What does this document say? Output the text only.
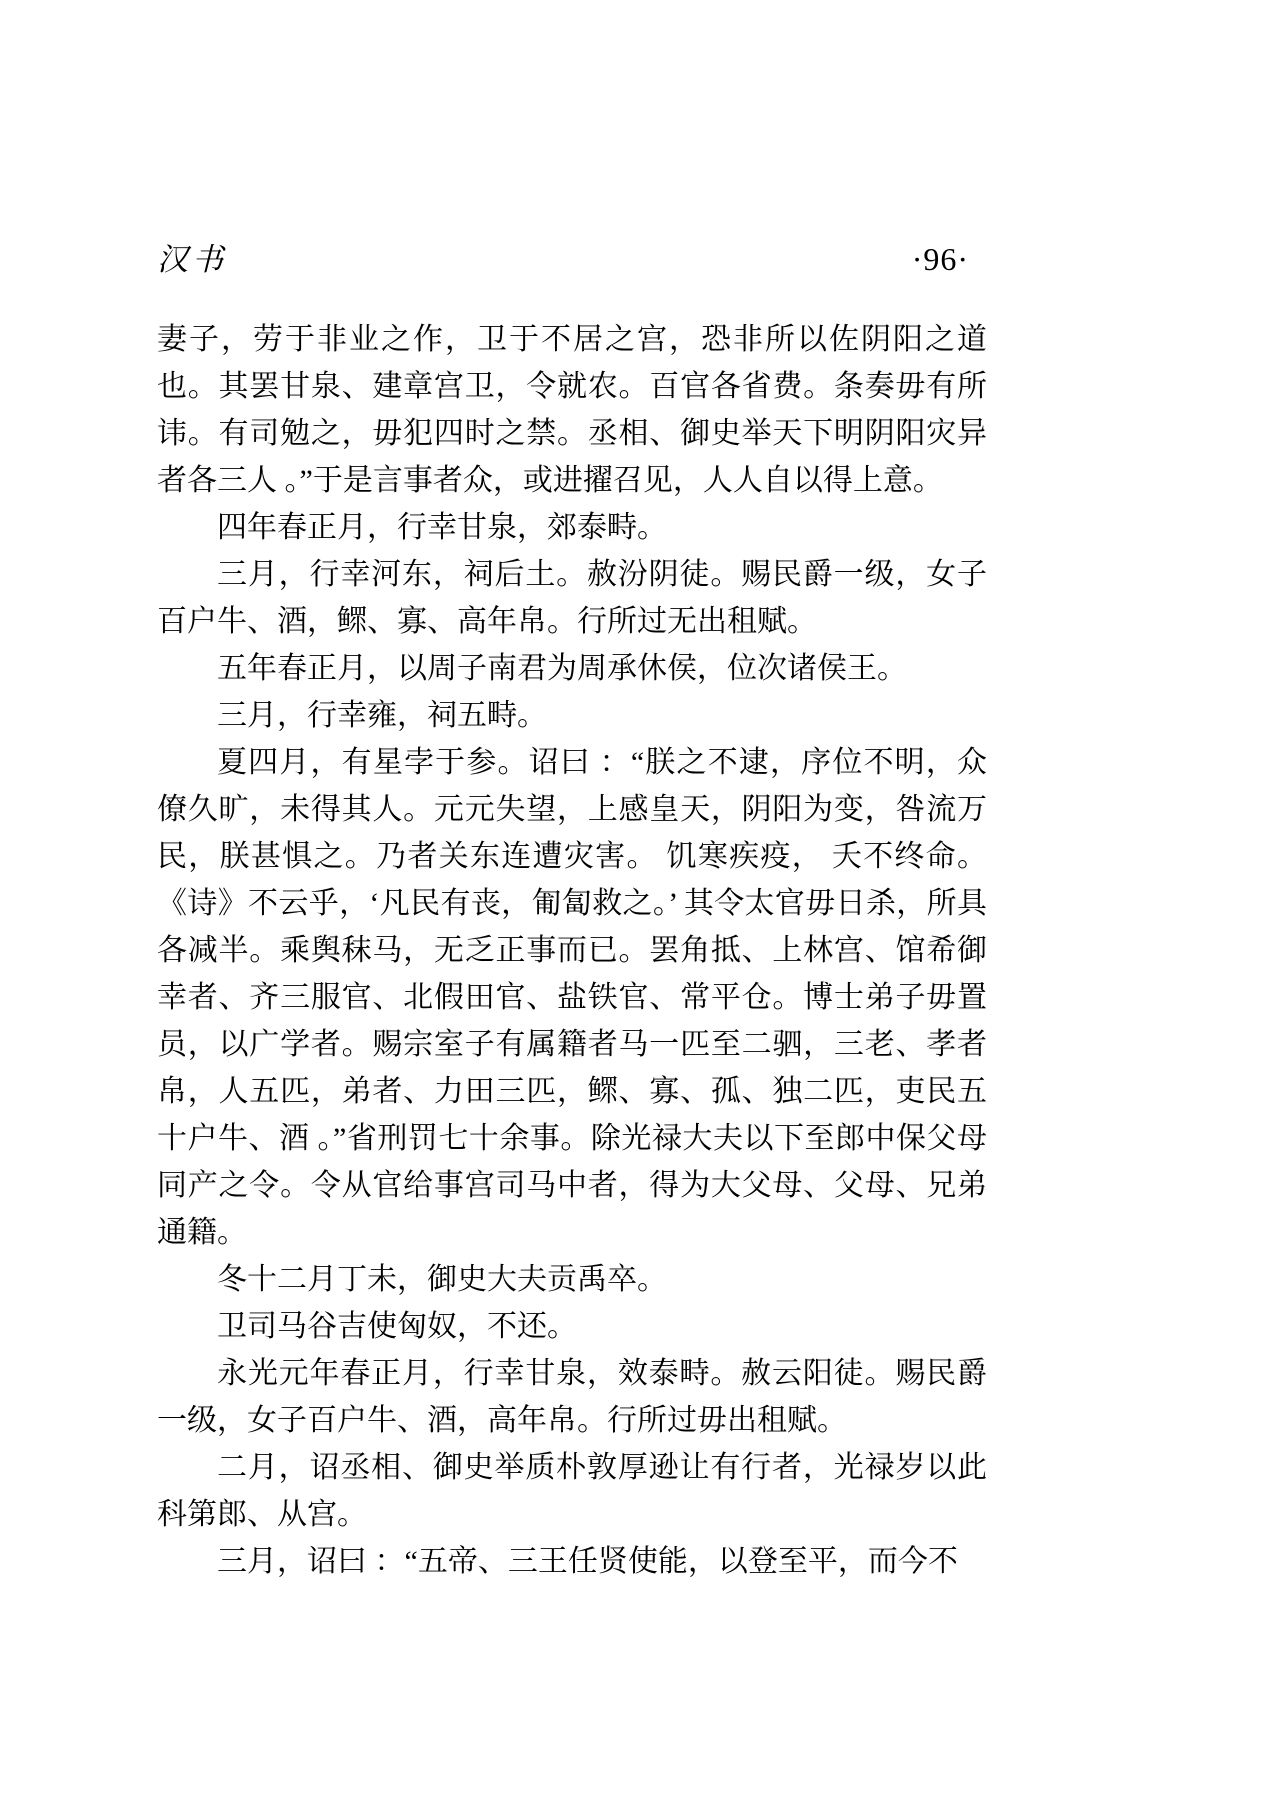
汉书	·96·
妻子，劳于非业之作，卫于不居之宫，恐非所以佐阴阳之道也。其罢甘泉、建章宫卫，令就农。百官各省费。条奏毋有所讳。有司勉之，毋犯四时之禁。丞相、御史举天下明阴阳灾异者各三人 。”于是言事者众，或进擢召见，人人自以得上意。
四年春正月，行幸甘泉，郊泰畤。
三月，行幸河东，祠后土。赦汾阴徒。赐民爵一级，女子百户牛、酒，鳏、寡、高年帛。行所过无出租赋。
五年春正月，以周子南君为周承休侯，位次诸侯王。
三月，行幸雍，祠五畤。
夏四月，有星孛于参。诏曰 ：“朕之不逮，序位不明，众僚久旷，未得其人。元元失望，上感皇天，阴阳为变，咎流万民，朕甚惧之。乃者关东连遭灾害。 饥寒疾疫， 夭不终命。《诗》不云乎，‘凡民有丧，匍匐救之。’ 其令太官毋日杀，所具各减半。乘舆秣马，无乏正事而已。罢角抵、上林宫、馆希御幸者、齐三服官、北假田官、盐铁官、常平仓。博士弟子毋置员，以广学者。赐宗室子有属籍者马一匹至二驷，三老、孝者帛，人五匹，弟者、力田三匹，鳏、寡、孤、独二匹，吏民五十户牛、酒 。”省刑罚七十余事。除光禄大夫以下至郎中保父母同产之令。令从官给事宫司马中者，得为大父母、父母、兄弟通籍。
冬十二月丁未，御史大夫贡禹卒。
卫司马谷吉使匈奴，不还。
永光元年春正月，行幸甘泉，效泰畤。赦云阳徒。赐民爵一级，女子百户牛、酒，高年帛。行所过毋出租赋。
二月，诏丞相、御史举质朴敦厚逊让有行者，光禄岁以此科第郎、从宫。
三月，诏曰 ：“五帝、三王任贤使能，以登至平，而今不
